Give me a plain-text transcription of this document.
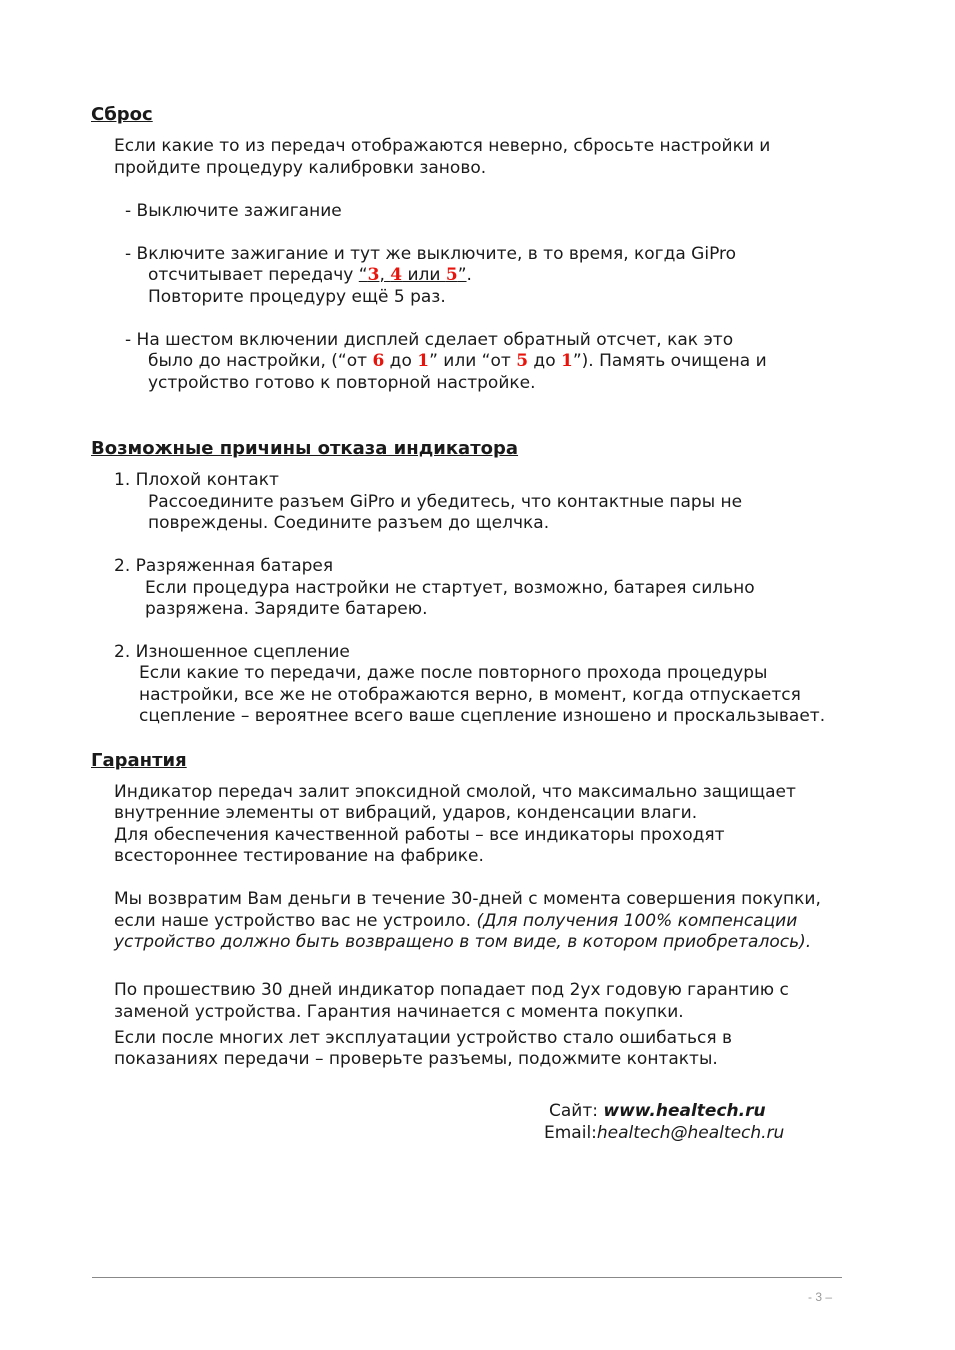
Сброс
Если какие то из передач отображаются неверно, сбросьте настройки и
пройдите процедуру калибровки заново.
- Выключите зажигание
- Включите зажигание и тут же выключите, в то время, когда GiPro
отсчитывает передачу “3, 4 или 5”.
Повторите процедуру ещё 5 раз.
- На шестом включении дисплей сделает обратный отсчет, как это
было до настройки, (“от 6 до 1” или “от 5 до 1”). Память очищена и
устройство готово к повторной настройке.
Возможные причины отказа индикатора
1. Плохой контакт
Рассоедините разъем GiPro и убедитесь, что контактные пары не
повреждены. Соедините разъем до щелчка.
2. Разряженная батарея
Если процедура настройки не стартует, возможно, батарея сильно
разряжена. Зарядите батарею.
2. Изношенное сцепление
Если какие то передачи, даже после повторного прохода процедуры
настройки, все же не отображаются верно, в момент, когда отпускается
сцепление – вероятнее всего ваше сцепление изношено и проскальзывает.
Гарантия
Индикатор передач залит эпоксидной смолой, что максимально защищает
внутренние элементы от вибраций, ударов, конденсации влаги.
Для обеспечения качественной работы – все индикаторы проходят
всестороннее тестирование на фабрике.
Мы возвратим Вам деньги в течение 30-дней с момента совершения покупки,
если наше устройство вас не устроило. (Для получения 100% компенсации
устройство должно быть возвращено в том виде, в котором приобреталось).
По прошествию 30 дней индикатор попадает под 2ух годовую гарантию с
заменой устройства. Гарантия начинается с момента покупки.
Если после многих лет эксплуатации устройство стало ошибаться в
показаниях передачи – проверьте разъемы, подожмите контакты.
Сайт: www.healtech.ru
Email:healtech@healtech.ru
- 3 –
